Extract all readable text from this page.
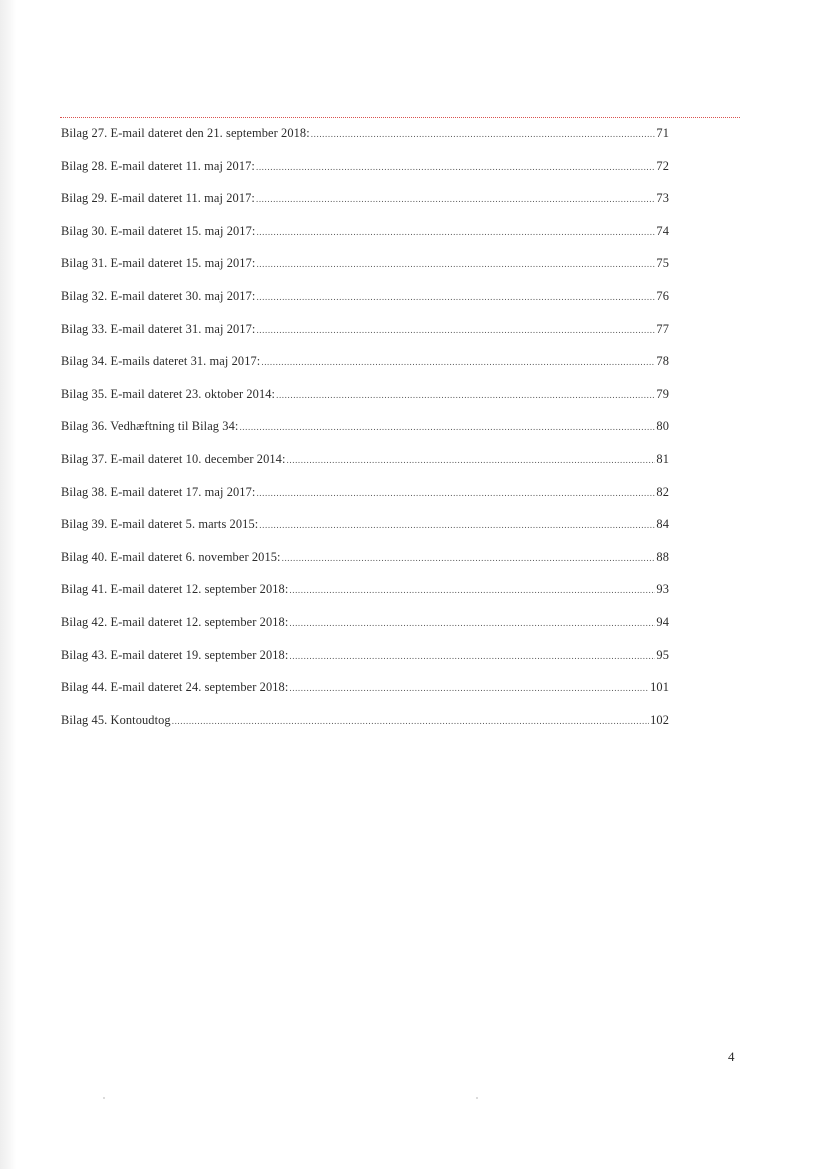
Bilag 27. E-mail dateret den 21. september 2018: .....	71
Bilag 28. E-mail dateret 11. maj 2017: .....	72
Bilag 29. E-mail dateret 11. maj 2017: .....	73
Bilag 30. E-mail dateret 15. maj 2017: .....	74
Bilag 31. E-mail dateret 15. maj 2017: .....	75
Bilag 32. E-mail dateret 30. maj 2017: .....	76
Bilag 33. E-mail dateret 31. maj 2017: .....	77
Bilag 34. E-mails dateret 31. maj 2017: .....	78
Bilag 35. E-mail dateret 23. oktober 2014: .....	79
Bilag 36. Vedhæftning til Bilag 34: .....	80
Bilag 37. E-mail dateret 10. december 2014: .....	81
Bilag 38. E-mail dateret 17. maj 2017: .....	82
Bilag 39. E-mail dateret 5. marts 2015: .....	84
Bilag 40. E-mail dateret 6. november 2015: .....	88
Bilag 41. E-mail dateret 12. september 2018: .....	93
Bilag 42. E-mail dateret 12. september 2018: .....	94
Bilag 43. E-mail dateret 19. september 2018: .....	95
Bilag 44. E-mail dateret 24. september 2018: .....	101
Bilag 45. Kontoudtog .....	102
4
